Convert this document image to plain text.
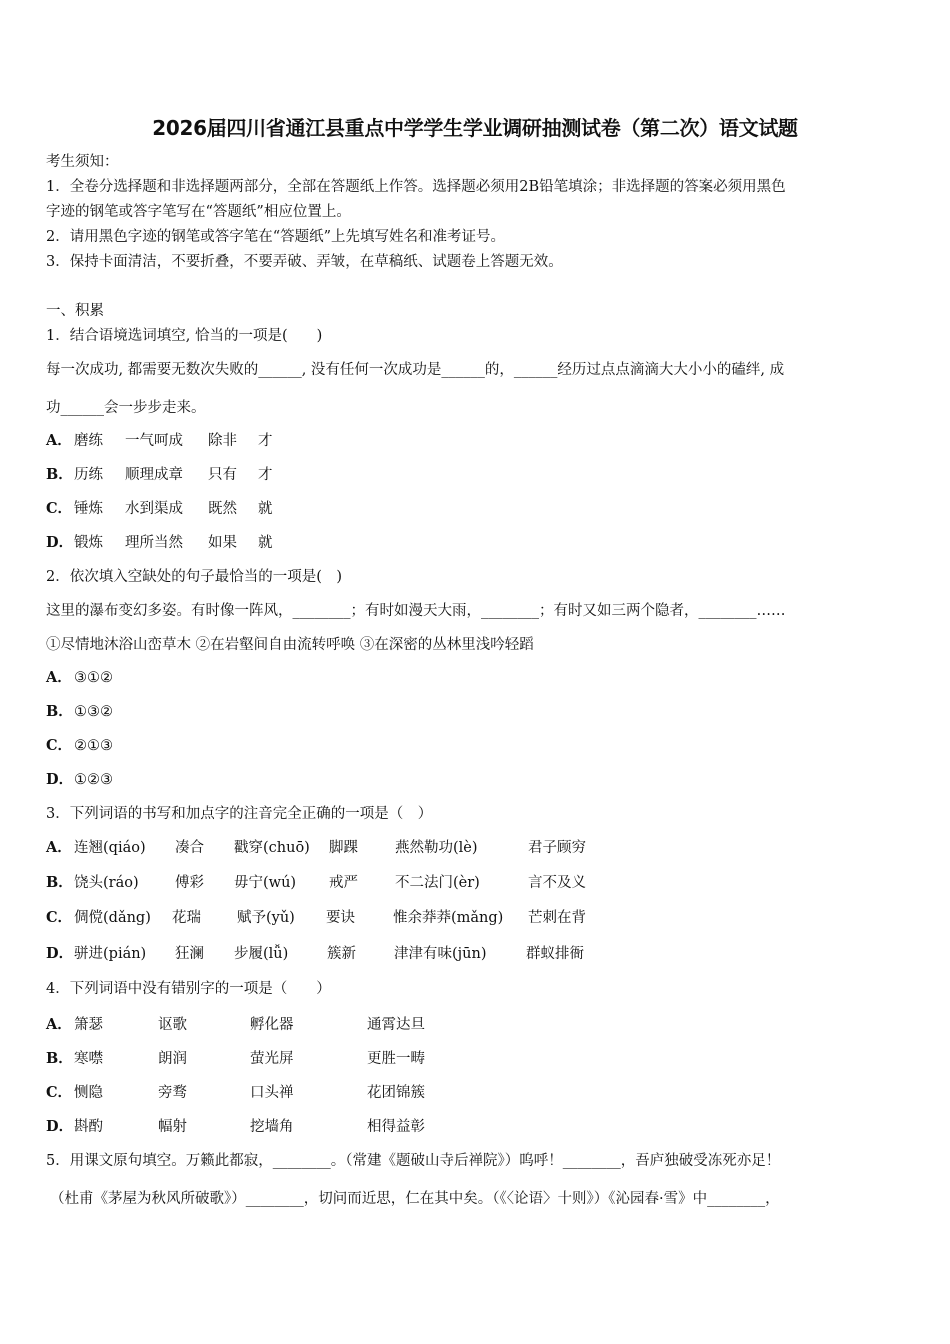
2026届四川省通江县重点中学学生学业调研抽测试卷（第二次）语文试题
考生须知：
1．全卷分选择题和非选择题两部分，全部在答题纸上作答。选择题必须用2B铅笔填涂；非选择题的答案必须用黑色
字迹的钢笔或答字笔写在“答题纸”相应位置上。
2．请用黑色字迹的钢笔或答字笔在“答题纸”上先填写姓名和准考证号。
3．保持卡面清洁，不要折叠，不要弄破、弄皱，在草稿纸、试题卷上答题无效。
一、积累
1．结合语境选词填空, 恰当的一项是(　　)
每一次成功, 都需要无数次失败的______, 没有任何一次成功是______的，______经历过点点滴滴大大小小的磕绊, 成
功______会一步步走来。
A． 磨练 一气呵成 除非 才
B． 历练 顺理成章 只有 才
C． 锤炼 水到渠成 既然 就
D． 锻炼 理所当然 如果 就
2．依次填入空缺处的句子最恰当的一项是(　)
这里的瀑布变幻多姿。有时像一阵风，________；有时如漫天大雨，________；有时又如三两个隐者，________……
①尽情地沐浴山峦草木 ②在岩壑间自由流转呼唤 ③在深密的丛林里浅吟轻蹈
A． ③①②
B． ①③②
C． ②①③
D． ①②③
3．下列词语的书写和加点字的注音完全正确的一项是（　）
A． 连翘(qiáo) 凑合 戳穿(chuō) 脚踝	燕然勒功(lè)	君子顾穷
B． 饶头(ráo)	傅彩 毋宁(wú) 戒严	不二法门(èr)	言不及义
C． 倜傥(dǎng) 花瑞 赋予(yǔ) 要诀	惟余莽莽(mǎng) 芒刺在背
D． 骈进(pián) 狂澜 步履(lǚ)	簇新	津津有味(jūn)	群蚁排衙
4．下列词语中没有错别字的一项是（　　）
A． 箫瑟	讴歌	孵化器	通霄达旦
B． 寒噤	朗润	萤光屏	更胜一畴
C． 恻隐	旁骛	口头禅	花团锦簇
D． 斟酌	幅射	挖墙角	相得益彰
5．用课文原句填空。万籁此都寂，________。（常建《题破山寺后禅院》）呜呼！________，吾庐独破受冻死亦足！
（杜甫《茅屋为秋风所破歌》）________，切问而近思，仁在其中矣。（《〈论语〉十则》）《沁园春·雪》中________，
